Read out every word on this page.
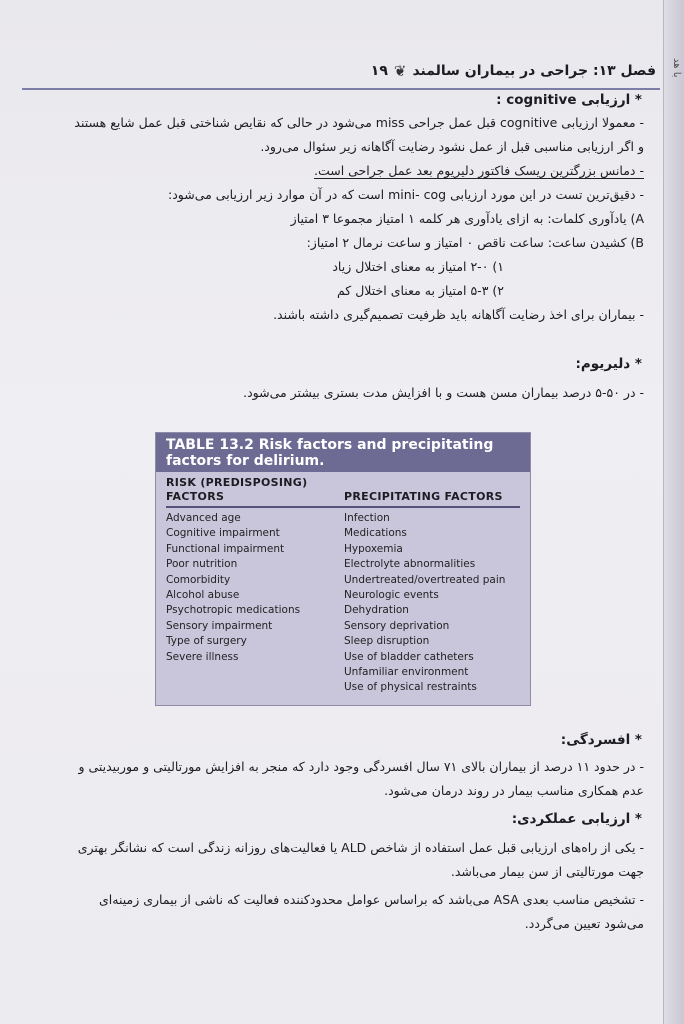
با هد
فصل ۱۳: جراحی در بیماران سالمند
❦
۱۹
* ارزیابی cognitive :
- معمولا ارزیابی cognitive قبل عمل جراحی miss می‌شود در حالی که نقایص شناختی قبل عمل شایع هستند
و اگر ارزیابی مناسبی قبل از عمل نشود رضایت آگاهانه زیر سئوال می‌رود.
- دمانس بزرگترین ریسک فاکتور دلیریوم بعد عمل جراحی است.
- دقیق‌ترین تست در این مورد ارزیابی mini- cog است که در آن موارد زیر ارزیابی می‌شود:
A) یادآوری کلمات: به ازای یادآوری هر کلمه ۱ امتیاز مجموعا ۳ امتیاز
B) کشیدن ساعت: ساعت ناقص ۰ امتیاز و ساعت نرمال ۲ امتیاز:
۱) ۲-۰ امتیاز به معنای اختلال زیاد
۲) ۵-۳ امتیاز به معنای اختلال کم
- بیماران برای اخذ رضایت آگاهانه باید ظرفیت تصمیم‌گیری داشته باشند.
* دلیریوم:
- در ۵۰-۵ درصد بیماران مسن هست و با افزایش مدت بستری بیشتر می‌شود.
TABLE 13.2 Risk factors and precipitating
factors for delirium.
RISK (PREDISPOSING)
FACTORS
Advanced age
Cognitive impairment
Functional impairment
Poor nutrition
Comorbidity
Alcohol abuse
Psychotropic medications
Sensory impairment
Type of surgery
Severe illness
PRECIPITATING FACTORS
Infection
Medications
Hypoxemia
Electrolyte abnormalities
Undertreated/overtreated pain
Neurologic events
Dehydration
Sensory deprivation
Sleep disruption
Use of bladder catheters
Unfamiliar environment
Use of physical restraints
* افسردگی:
- در حدود ۱۱ درصد از بیماران بالای ۷۱ سال افسردگی وجود دارد که منجر به افزایش مورتالیتی و موربیدیتی و
عدم همکاری مناسب بیمار در روند درمان می‌شود.
* ارزیابی عملکردی:
- یکی از راه‌های ارزیابی قبل عمل استفاده از شاخص ALD یا فعالیت‌های روزانه زندگی است که نشانگر بهتری
جهت مورتالیتی از سن بیمار می‌باشد.
- تشخیص مناسب بعدی ASA می‌باشد که براساس عوامل محدودکننده فعالیت که ناشی از بیماری زمینه‌ای
می‌شود تعیین می‌گردد.
